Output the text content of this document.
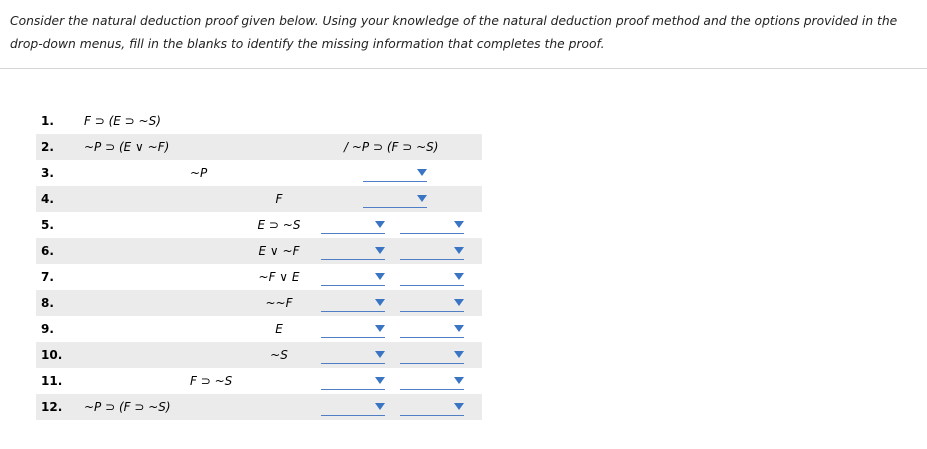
Consider the natural deduction proof given below. Using your knowledge of the natural deduction proof method and the options provided in the drop-down menus, fill in the blanks to identify the missing information that completes the proof.
1.	F ⊃ (E ⊃ ~S)
2.	~P ⊃ (E ∨ ~F)	/ ~P ⊃ (F ⊃ ~S)
3.	~P
4.	F
5.	E ⊃ ~S
6.	E ∨ ~F
7.	~F ∨ E
8.	~~F
9.	E
10.	~S
11.	F ⊃ ~S
12. ~P ⊃ (F ⊃ ~S)
